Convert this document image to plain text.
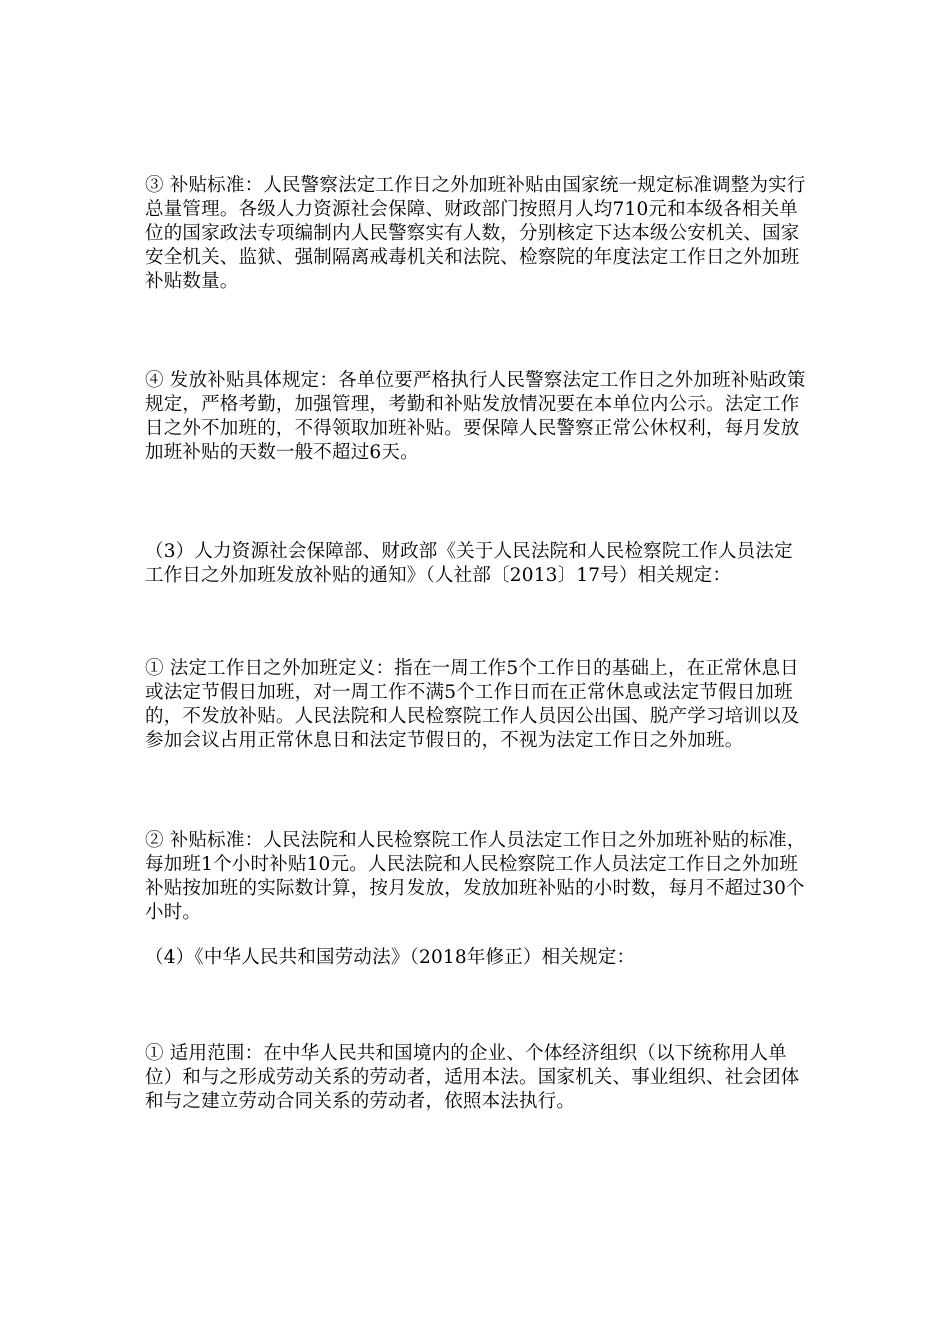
③ 补贴标准：人民警察法定工作日之外加班补贴由国家统一规定标准调整为实行总量管理。各级人力资源社会保障、财政部门按照月人均710元和本级各相关单位的国家政法专项编制内人民警察实有人数，分别核定下达本级公安机关、国家安全机关、监狱、强制隔离戒毒机关和法院、检察院的年度法定工作日之外加班补贴数量。

④ 发放补贴具体规定：各单位要严格执行人民警察法定工作日之外加班补贴政策规定，严格考勤，加强管理，考勤和补贴发放情况要在本单位内公示。法定工作日之外不加班的，不得领取加班补贴。要保障人民警察正常公休权利，每月发放加班补贴的天数一般不超过6天。

（3）人力资源社会保障部、财政部《关于人民法院和人民检察院工作人员法定工作日之外加班发放补贴的通知》（人社部〔2013〕17号）相关规定：

① 法定工作日之外加班定义：指在一周工作5个工作日的基础上，在正常休息日或法定节假日加班，对一周工作不满5个工作日而在正常休息或法定节假日加班的，不发放补贴。人民法院和人民检察院工作人员因公出国、脱产学习培训以及参加会议占用正常休息日和法定节假日的，不视为法定工作日之外加班。

② 补贴标准：人民法院和人民检察院工作人员法定工作日之外加班补贴的标准，每加班1个小时补贴10元。人民法院和人民检察院工作人员法定工作日之外加班补贴按加班的实际数计算，按月发放，发放加班补贴的小时数，每月不超过30个小时。

（4）《中华人民共和国劳动法》（2018年修正）相关规定：

① 适用范围：在中华人民共和国境内的企业、个体经济组织（以下统称用人单位）和与之形成劳动关系的劳动者，适用本法。国家机关、事业组织、社会团体和与之建立劳动合同关系的劳动者，依照本法执行。
